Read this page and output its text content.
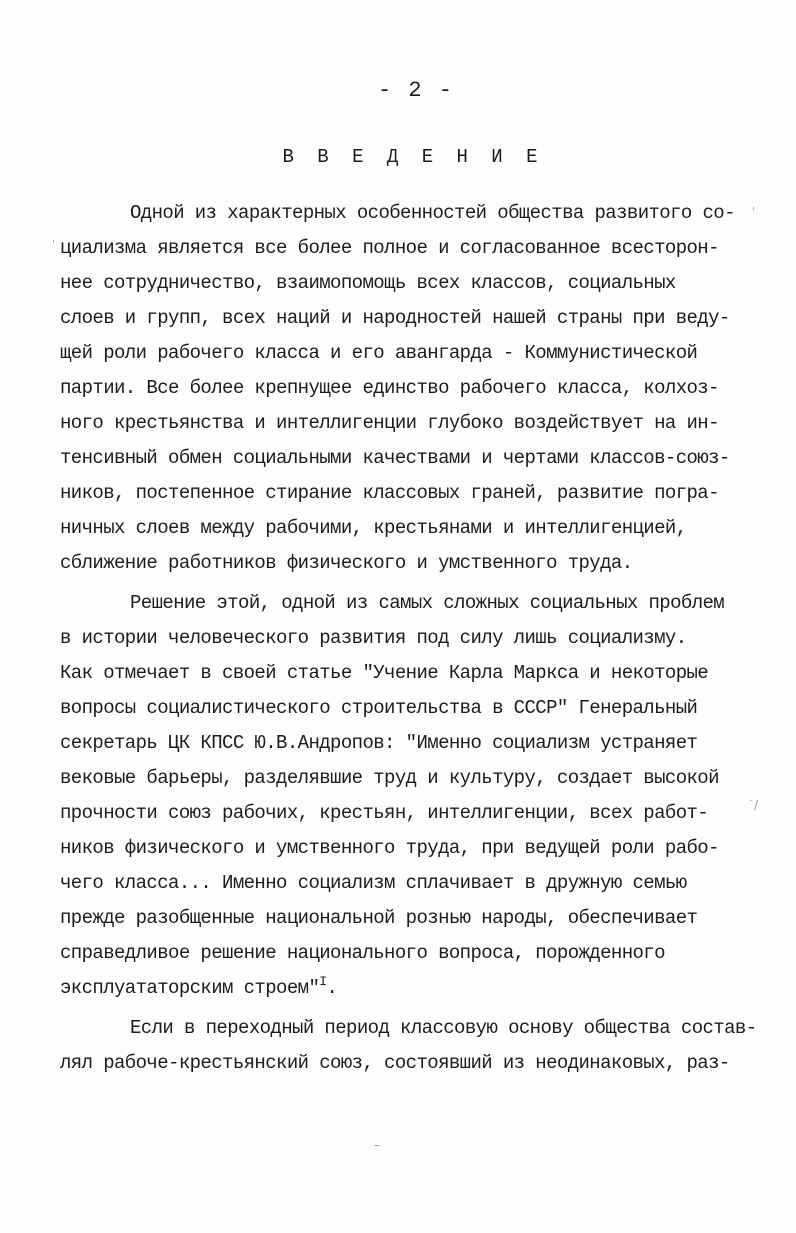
- 2 -
В В Е Д Е Н И Е
ˈ
ˈ
˙/
Одной из характерных особенностей общества развитого со-
циализма является все более полное и согласованное всесторон-
нее сотрудничество, взаимопомощь всех классов, социальных
слоев и групп, всех наций и народностей нашей страны при веду-
щей роли рабочего класса и его авангарда - Коммунистической
партии. Все более крепнущее единство рабочего класса, колхоз-
ного крестьянства и интеллигенции глубоко воздействует на ин-
тенсивный обмен социальными качествами и чертами классов-союз-
ников, постепенное стирание классовых граней, развитие погра-
ничных слоев между рабочими, крестьянами и интеллигенцией,
сближение работников физического и умственного труда.
Решение этой, одной из самых сложных социальных проблем
в истории человеческого развития под силу лишь социализму.
Как отмечает в своей статье "Учение Карла Маркса и некоторые
вопросы социалистического строительства в СССР" Генеральный
секретарь ЦК КПСС Ю.В.Андропов: "Именно социализм устраняет
вековые барьеры, разделявшие труд и культуру, создает высокой
прочности союз рабочих, крестьян, интеллигенции, всех работ-
ников физического и умственного труда, при ведущей роли рабо-
чего класса... Именно социализм сплачивает в дружную семью
прежде разобщенные национальной рознью народы, обеспечивает
справедливое решение национального вопроса, порожденного
эксплуататорским строем"$^I$.
Если в переходный период классовую основу общества состав-
лял рабоче-крестьянский союз, состоявший из неодинаковых, раз-
–
